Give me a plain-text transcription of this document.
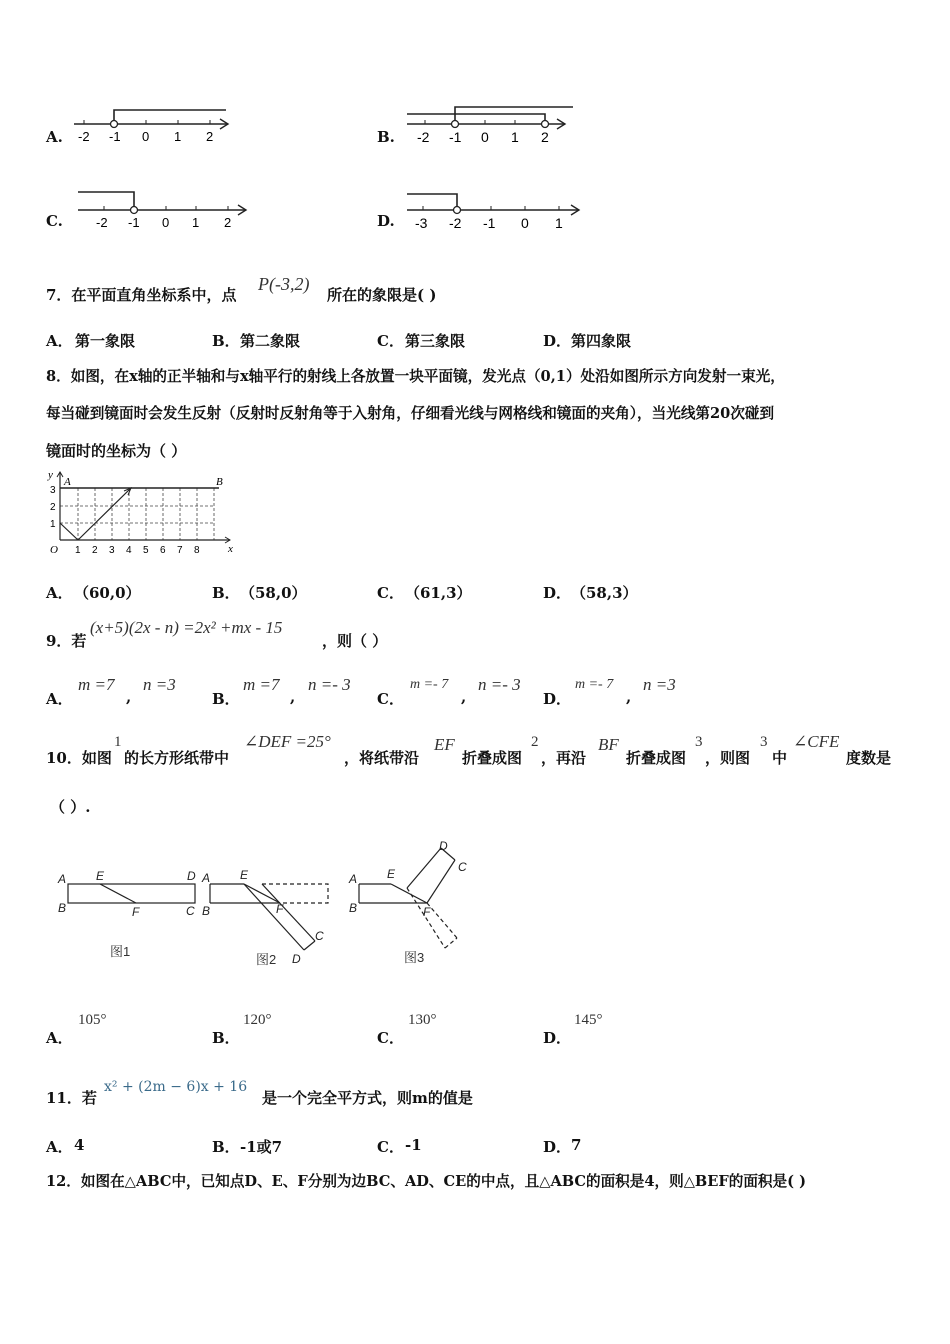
A. -2 -1 0 1 2	B. -2 -1 0 1 2
C.	-2 -1 0 1 2	D. -3 -2 -1 0 1
7．在平面直角坐标系中，点
P(-3,2)
所在的象限是( )
A． 第一象限	B． 第二象限	C． 第三象限	D． 第四象限
8．如图，在x轴的正半轴和与x轴平行的射线上各放置一块平面镜，发光点（0,1）处沿如图所示方向发射一束光，
每当碰到镜面时会发生反射（反射时反射角等于入射角，仔细看光线与网格线和镜面的夹角），当光线第20次碰到
镜面时的坐标为（ ）
y
x
O
A	B
1
2
3
1 2 3 4 5 6 7 8
A． （60,0）	B． （58,0）	C． （61,3）	D． （58,3）
9．若
(x+5)(2x - n) =2x² +mx - 15
，则（ ）
A．
m =7
,
n =3
B．
m =7
,
n =- 3
C．
m =- 7
,
n =- 3
D．
m =- 7
,
n =3
10．如图
1
的长方形纸带中
∠DEF =25°
，将纸带沿
EF
折叠成图
2
，再沿
BF
折叠成图
3
，则图
3
中
∠CFE
度数是
（ ）.
A
B
E
F
D
C
A
B
E
F
C
D
A
B
E
F
D
C
图1
图2	图3
A．
105°
B．
120°
C．
130°
D．
145°
11．若
x² + (2m − 6)x + 16
是一个完全平方式，则m的值是
A． 4	B． -1或7	C． -1	D． 7
12．如图在△ABC中，已知点D、E、F分别为边BC、AD、CE的中点，且△ABC的面积是4，则△BEF的面积是( )
